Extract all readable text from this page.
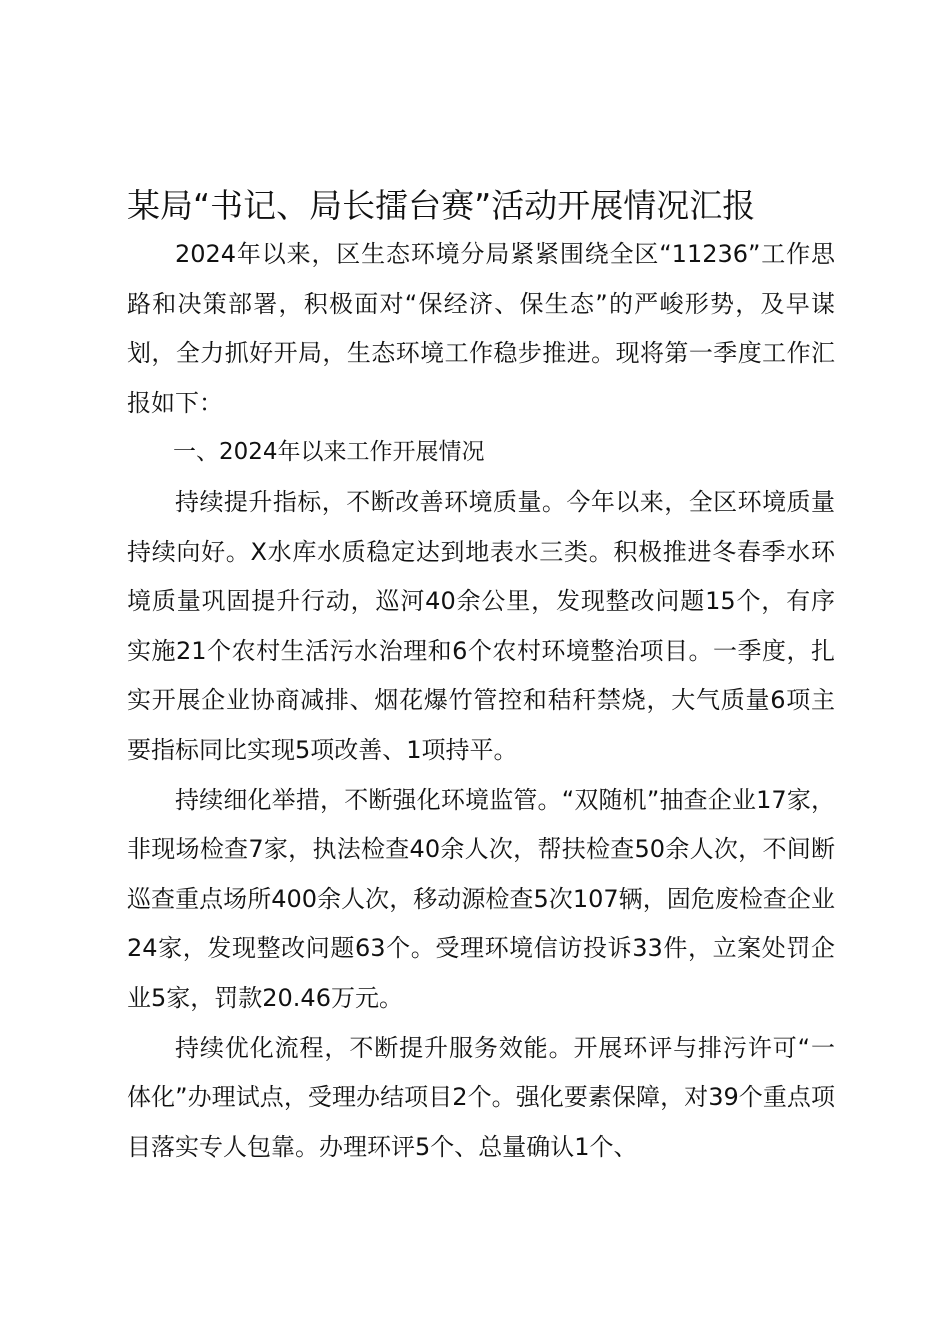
某局“书记、局长擂台赛”活动开展情况汇报

2024年以来，区生态环境分局紧紧围绕全区“11236”工作思路和决策部署，积极面对“保经济、保生态”的严峻形势，及早谋划，全力抓好开局，生态环境工作稳步推进。现将第一季度工作汇报如下：

一、2024年以来工作开展情况

持续提升指标，不断改善环境质量。今年以来，全区环境质量持续向好。X水库水质稳定达到地表水三类。积极推进冬春季水环境质量巩固提升行动，巡河40余公里，发现整改问题15个，有序实施21个农村生活污水治理和6个农村环境整治项目。一季度，扎实开展企业协商减排、烟花爆竹管控和秸秆禁烧，大气质量6项主要指标同比实现5项改善、1项持平。

持续细化举措，不断强化环境监管。“双随机”抽查企业17家，非现场检查7家，执法检查40余人次，帮扶检查50余人次，不间断巡查重点场所400余人次，移动源检查5次107辆，固危废检查企业24家，发现整改问题63个。受理环境信访投诉33件，立案处罚企业5家，罚款20.46万元。

持续优化流程，不断提升服务效能。开展环评与排污许可“一体化”办理试点，受理办结项目2个。强化要素保障，对39个重点项目落实专人包靠。办理环评5个、总量确认1个、
